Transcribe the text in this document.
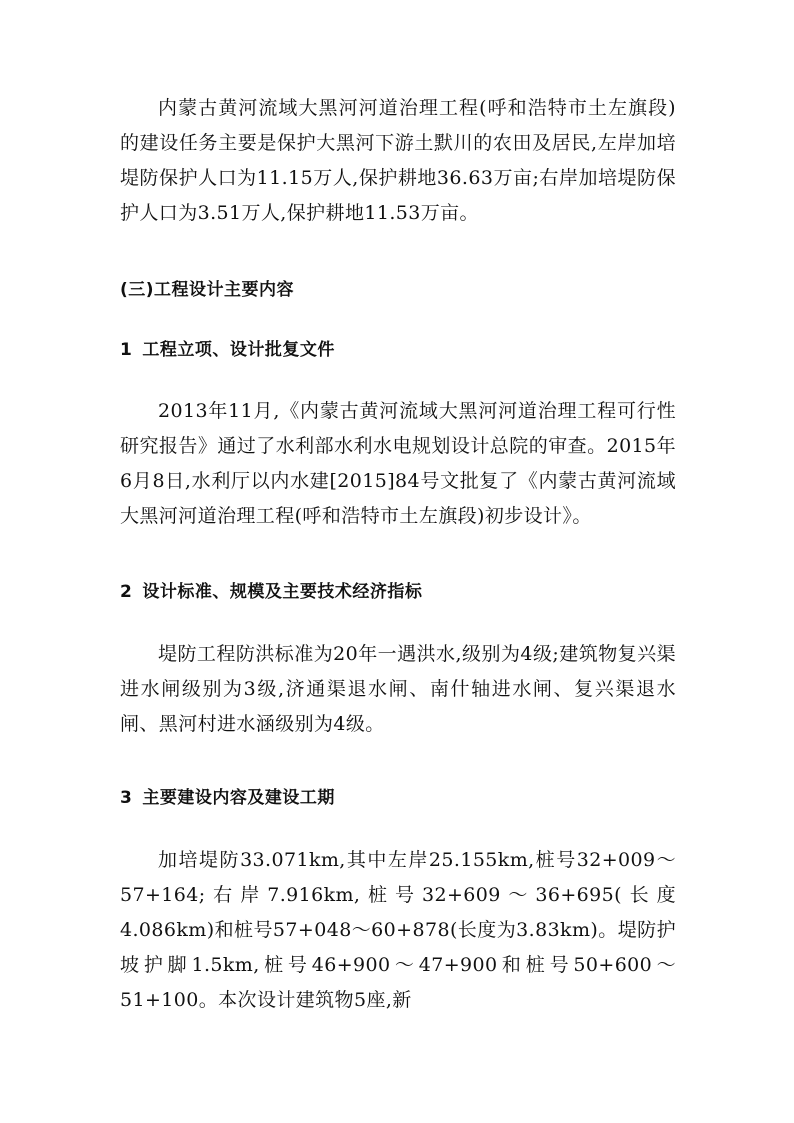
内蒙古黄河流域大黑河河道治理工程(呼和浩特市土左旗段)的建设任务主要是保护大黑河下游土默川的农田及居民,左岸加培堤防保护人口为11.15万人,保护耕地36.63万亩;右岸加培堤防保护人口为3.51万人,保护耕地11.53万亩。

(三)工程设计主要内容
1 工程立项、设计批复文件

2013年11月,《内蒙古黄河流域大黑河河道治理工程可行性研究报告》通过了水利部水利水电规划设计总院的审查。2015年6月8日,水利厅以内水建[2015]84号文批复了《内蒙古黄河流域大黑河河道治理工程(呼和浩特市土左旗段)初步设计》。

2 设计标准、规模及主要技术经济指标

堤防工程防洪标准为20年一遇洪水,级别为4级;建筑物复兴渠进水闸级别为3级,济通渠退水闸、南什轴进水闸、复兴渠退水闸、黑河村进水涵级别为4级。

3 主要建设内容及建设工期

加培堤防33.071km,其中左岸25.155km,桩号32+009～57+164;右岸7.916km,桩号32+609～36+695(长度4.086km)和桩号57+048～60+878(长度为3.83km)。堤防护坡护脚1.5km,桩号46+900～47+900和桩号50+600～51+100。本次设计建筑物5座,新
